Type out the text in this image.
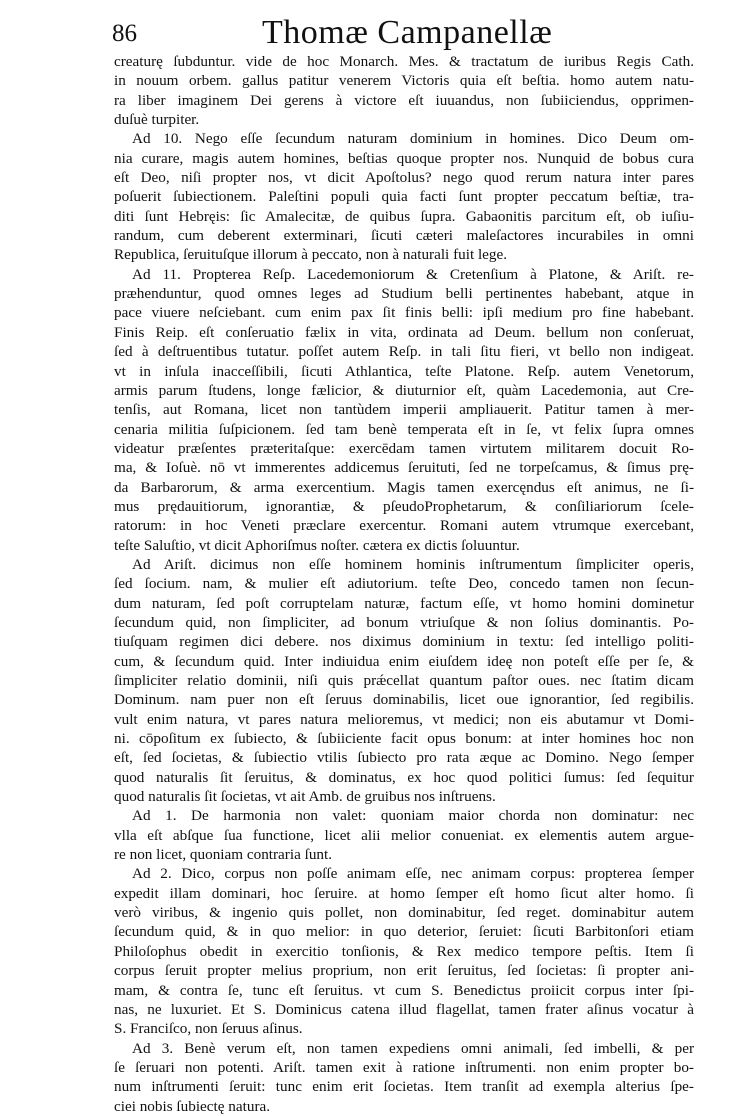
86	Thomæ Campanellæ
creaturę ſubduntur. vide de hoc Monarch. Mes. & tractatum de iuribus Regis Cath.
in nouum orbem. gallus patitur venerem Victoris quia eſt beſtia. homo autem natu-
ra liber imaginem Dei gerens à victore eſt iuuandus, non ſubiiciendus, opprimen-
duſuè turpiter.
Ad 10. Nego eſſe ſecundum naturam dominium in homines. Dico Deum om-
nia curare, magis autem homines, beſtias quoque propter nos. Nunquid de bobus cura
eſt Deo, niſi propter nos, vt dicit Apoſtolus? nego quod rerum natura inter pares
poſuerit ſubiectionem. Paleſtini populi quia facti ſunt propter peccatum beſtiæ, tra-
diti ſunt Hebręis: ſic Amalecitæ, de quibus ſupra. Gabaonitis parcitum eſt, ob iuſiu-
randum, cum deberent exterminari, ſicuti cæteri maleſactores incurabiles in omni
Republica, ſeruituſque illorum à peccato, non à naturali fuit lege.
Ad 11. Propterea Reſp. Lacedemoniorum & Cretenſium à Platone, & Ariſt. re-
præhenduntur, quod omnes leges ad Studium belli pertinentes habebant, atque in
pace viuere neſciebant. cum enim pax ſit finis belli: ipſi medium pro fine habebant.
Finis Reip. eſt conſeruatio fælix in vita, ordinata ad Deum. bellum non conſeruat,
ſed à deſtruentibus tutatur. poſſet autem Reſp. in tali ſitu fieri, vt bello non indigeat.
vt in inſula inacceſſibili, ſicuti Athlantica, teſte Platone. Reſp. autem Venetorum,
armis parum ſtudens, longe fælicior, & diuturnior eſt, quàm Lacedemonia, aut Cre-
tenſis, aut Romana, licet non tantùdem imperii ampliauerit. Patitur tamen à mer-
cenaria militia ſuſpicionem. ſed tam benè temperata eſt in ſe, vt felix ſupra omnes
videatur præſentes præteritaſque: exercēdam tamen virtutem militarem docuit Ro-
ma, & Ioſuè. nō vt immerentes addicemus ſeruituti, ſed ne torpeſcamus, & ſimus prę-
da Barbarorum, & arma exercentium. Magis tamen exercęndus eſt animus, ne ſi-
mus prędauitiorum, ignorantiæ, & pſeudoProphetarum, & conſiliariorum ſcele-
ratorum: in hoc Veneti præclare exercentur. Romani autem vtrumque exercebant,
teſte Saluſtio, vt dicit Aphoriſmus noſter. cætera ex dictis ſoluuntur.
Ad Ariſt. dicimus non eſſe hominem hominis inſtrumentum ſimpliciter operis,
ſed ſocium. nam, & mulier eſt adiutorium. teſte Deo, concedo tamen non ſecun-
dum naturam, ſed poſt corruptelam naturæ, factum eſſe, vt homo homini dominetur
ſecundum quid, non ſimpliciter, ad bonum vtriuſque & non ſolius dominantis. Po-
tiuſquam regimen dici debere. nos diximus dominium in textu: ſed intelligo politi-
cum, & ſecundum quid. Inter indiuidua enim eiuſdem ideę non poteſt eſſe per ſe, &
ſimpliciter relatio dominii, niſi quis prǽcellat quantum paſtor oues. nec ſtatim dicam
Dominum. nam puer non eſt ſeruus dominabilis, licet oue ignorantior, ſed regibilis.
vult enim natura, vt pares natura melioremus, vt medici; non eis abutamur vt Domi-
ni. cōpoſitum ex ſubiecto, & ſubiiciente facit opus bonum: at inter homines hoc non
eſt, ſed ſocietas, & ſubiectio vtilis ſubiecto pro rata æque ac Domino. Nego ſemper
quod naturalis ſit ſeruitus, & dominatus, ex hoc quod politici ſumus: ſed ſequitur
quod naturalis ſit ſocietas, vt ait Amb. de gruibus nos inſtruens.
Ad 1. De harmonia non valet: quoniam maior chorda non dominatur: nec
vlla eſt abſque ſua functione, licet alii melior conueniat. ex elementis autem argue-
re non licet, quoniam contraria ſunt.
Ad 2. Dico, corpus non poſſe animam eſſe, nec animam corpus: propterea ſemper
expedit illam dominari, hoc ſeruire. at homo ſemper eſt homo ſicut alter homo. ſi
verò viribus, & ingenio quis pollet, non dominabitur, ſed reget. dominabitur autem
ſecundum quid, & in quo melior: in quo deterior, ſeruiet: ſicuti Barbitonſori etiam
Philoſophus obedit in exercitio tonſionis, & Rex medico tempore peſtis. Item ſi
corpus ſeruit propter melius proprium, non erit ſeruitus, ſed ſocietas: ſi propter ani-
mam, & contra ſe, tunc eſt ſeruitus. vt cum S. Benedictus proiicit corpus inter ſpi-
nas, ne luxuriet. Et S. Dominicus catena illud flagellat, tamen frater aſinus vocatur à
S. Franciſco, non ſeruus aſinus.
Ad 3. Benè verum eſt, non tamen expediens omni animali, ſed imbelli, & per
ſe ſeruari non potenti. Ariſt. tamen exit à ratione inſtrumenti. non enim propter bo-
num inſtrumenti ſeruit: tunc enim erit ſocietas. Item tranſit ad exempla alterius ſpe-
ciei nobis ſubiectę natura.
